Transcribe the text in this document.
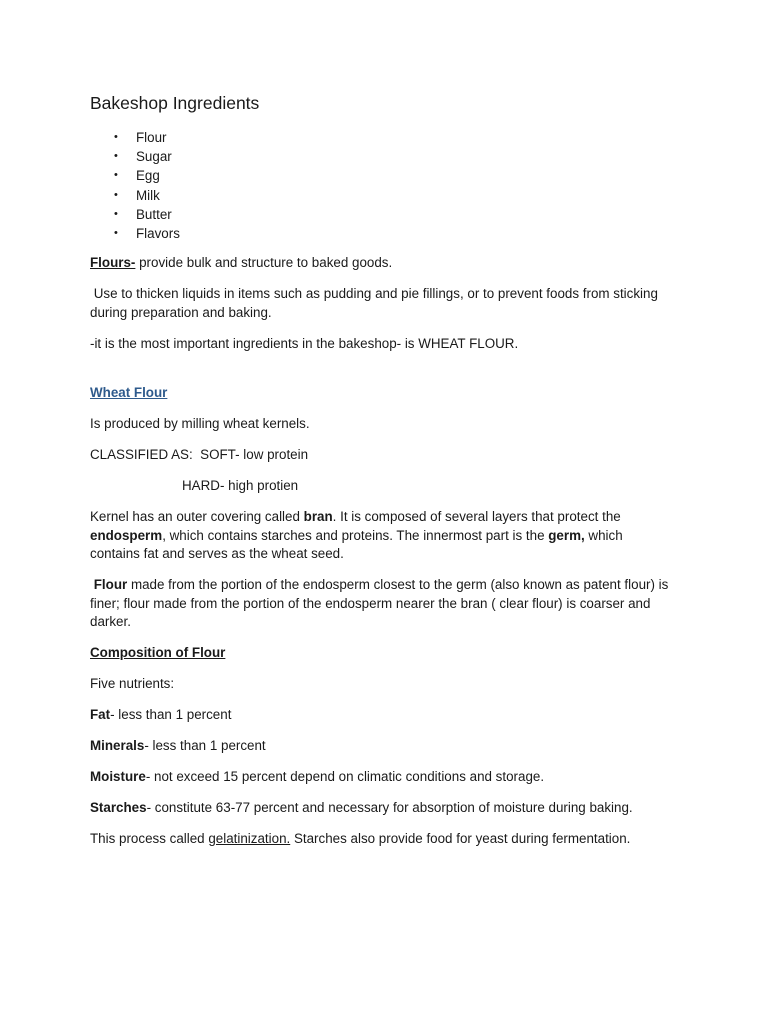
Bakeshop Ingredients
• Flour
• Sugar
• Egg
• Milk
• Butter
• Flavors

Flours- provide bulk and structure to baked goods.

Use to thicken liquids in items such as pudding and pie fillings, or to prevent foods from sticking during preparation and baking.

-it is the most important ingredients in the bakeshop- is WHEAT FLOUR.

Wheat Flour

Is produced by milling wheat kernels.

CLASSIFIED AS:  SOFT- low protein

HARD- high protien

Kernel has an outer covering called bran. It is composed of several layers that protect the endosperm, which contains starches and proteins. The innermost part is the germ, which contains fat and serves as the wheat seed.

Flour made from the portion of the endosperm closest to the germ (also known as patent flour) is finer; flour made from the portion of the endosperm nearer the bran ( clear flour) is coarser and darker.

Composition of Flour

Five nutrients:

Fat- less than 1 percent

Minerals- less than 1 percent

Moisture- not exceed 15 percent depend on climatic conditions and storage.

Starches- constitute 63-77 percent and necessary for absorption of moisture during baking.

This process called gelatinization. Starches also provide food for yeast during fermentation.
